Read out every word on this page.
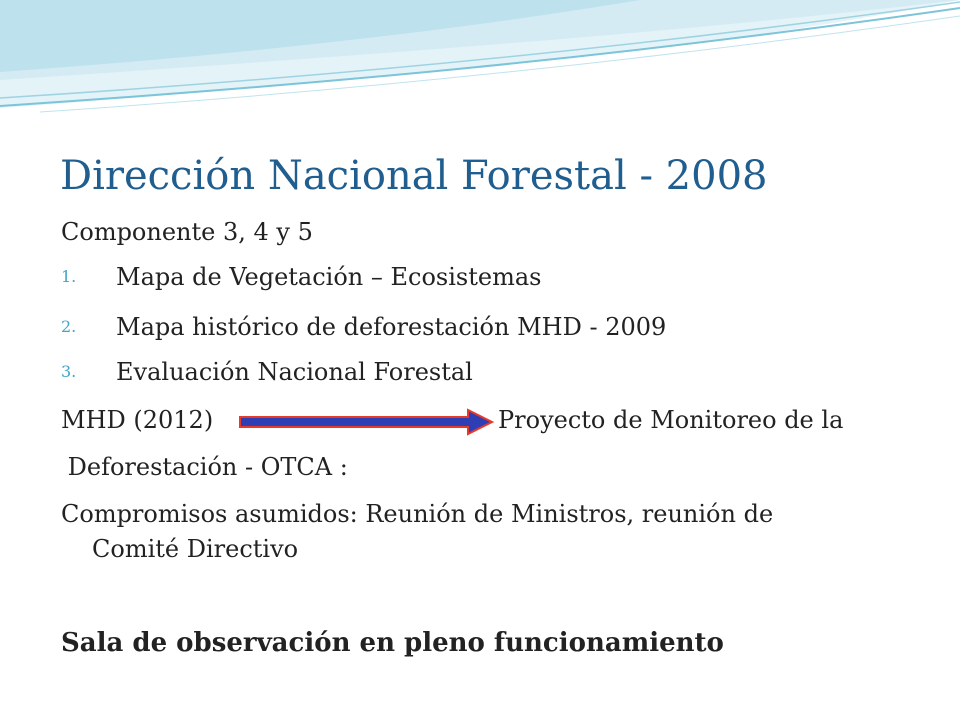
Dirección Nacional Forestal - 2008
Componente 3, 4 y 5
1. Mapa de Vegetación – Ecosistemas
2. Mapa histórico de deforestación MHD - 2009
3. Evaluación Nacional Forestal
MHD (2012)	Proyecto de Monitoreo de la
Deforestación - OTCA :
Compromisos asumidos: Reunión de Ministros, reunión de
Comité Directivo
Sala de observación en pleno funcionamiento
